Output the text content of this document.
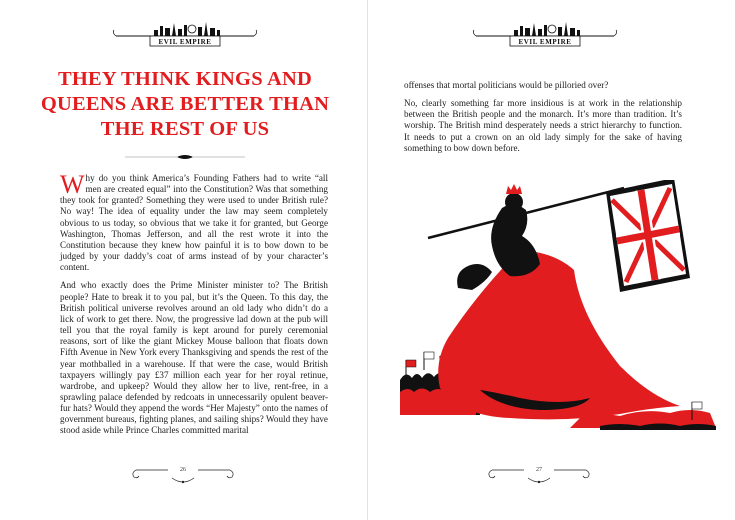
EVIL EMPIRE
THEY THINK KINGS AND QUEENS ARE BETTER THAN THE REST OF US

Why do you think America’s Founding Fathers had to write “all men are created equal” into the Constitution? Was that something they took for granted? Something they were used to under British rule? No way! The idea of equality under the law may seem completely obvious to us today, so obvious that we take it for granted, but George Washington, Thomas Jefferson, and all the rest wrote it into the Constitution because they knew how painful it is to bow down to be judged by your daddy’s coat of arms instead of by your character’s content.

And who exactly does the Prime Minister minister to? The British people? Hate to break it to you pal, but it’s the Queen. To this day, the British political universe revolves around an old lady who didn’t do a lick of work to get there. Now, the progressive lad down at the pub will tell you that the royal family is kept around for purely ceremonial reasons, sort of like the giant Mickey Mouse balloon that floats down Fifth Avenue in New York every Thanksgiving and spends the rest of the year mothballed in a warehouse. If that were the case, would British taxpayers willingly pay £37 million each year for her royal retinue, wardrobe, and upkeep? Would they allow her to live, rent-free, in a sprawling palace defended by redcoats in unnecessarily opulent beaver-fur hats? Would they append the words “Her Majesty” onto the names of government bureaus, fighting planes, and sailing ships? Would they have stood aside while Prince Charles committed marital

26
EVIL EMPIRE

offenses that mortal politicians would be pilloried over?

No, clearly something far more insidious is at work in the relationship between the British people and the monarch. It’s more than tradition. It’s worship. The British mind desperately needs a strict hierarchy to function. It needs to put a crown on an old lady simply for the sake of having something to bow down before.

27
